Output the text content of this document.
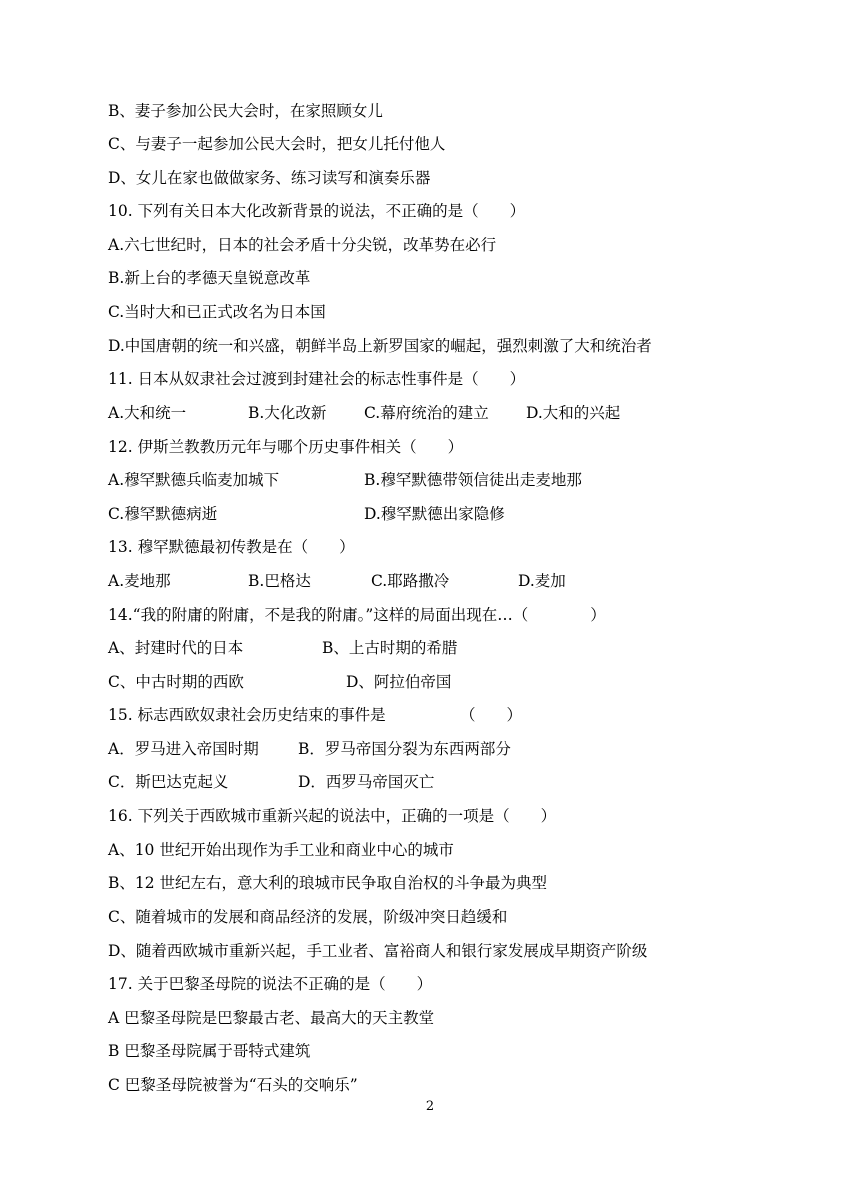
B、妻子参加公民大会时，在家照顾女儿
C、与妻子一起参加公民大会时，把女儿托付他人
D、女儿在家也做做家务、练习读写和演奏乐器
10. 下列有关日本大化改新背景的说法，不正确的是（　　）
A.六七世纪时，日本的社会矛盾十分尖锐，改革势在必行
B.新上台的孝德天皇锐意改革
C.当时大和已正式改名为日本国
D.中国唐朝的统一和兴盛，朝鲜半岛上新罗国家的崛起，强烈刺激了大和统治者
11. 日本从奴隶社会过渡到封建社会的标志性事件是（　　）

A.大和统一

	B.大化改新

C.幕府统治的建立

D.大和的兴起

12. 伊斯兰教教历元年与哪个历史事件相关（　　）

A.穆罕默德兵临麦加城下

	B.穆罕默德带领信徒出走麦地那

C.穆罕默德病逝

	D.穆罕默德出家隐修

13. 穆罕默德最初传教是在（　　）

A.麦地那

	B.巴格达

	C.耶路撒冷

	D.麦加

14.“我的附庸的附庸，不是我的附庸。”这样的局面出现在…（　　　　）

A、封建时代的日本

	B、上古时期的希腊

C、中古时期的西欧

	D、阿拉伯帝国

15. 标志西欧奴隶社会历史结束的事件是

	（　　）

A．罗马进入帝国时期

	B．罗马帝国分裂为东西两部分

C．斯巴达克起义

	D．西罗马帝国灭亡

16. 下列关于西欧城市重新兴起的说法中，正确的一项是（　　）
A、10 世纪开始出现作为手工业和商业中心的城市
B、12 世纪左右，意大利的琅城市民争取自治权的斗争最为典型
C、随着城市的发展和商品经济的发展，阶级冲突日趋缓和
D、随着西欧城市重新兴起，手工业者、富裕商人和银行家发展成早期资产阶级
17. 关于巴黎圣母院的说法不正确的是（　　）
A 巴黎圣母院是巴黎最古老、最高大的天主教堂
B 巴黎圣母院属于哥特式建筑
C 巴黎圣母院被誉为“石头的交响乐”
2
